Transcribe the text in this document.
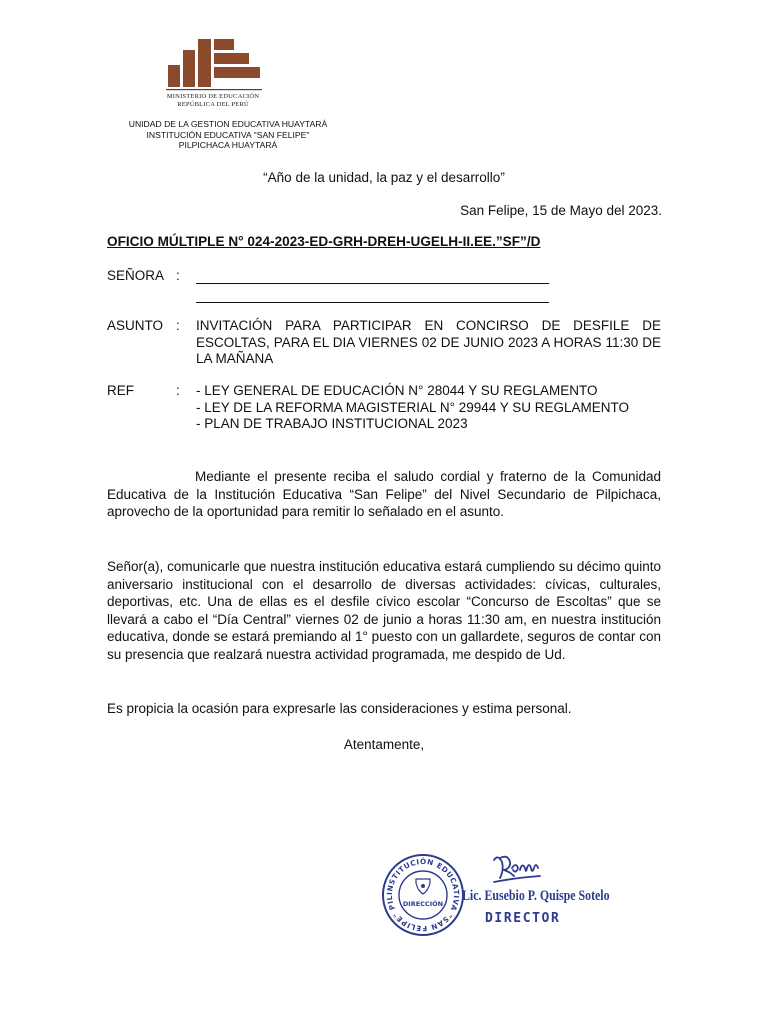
MINISTERIO DE EDUCACIÓN
REPÚBLICA DEL PERÚ
UNIDAD DE LA GESTION EDUCATIVA HUAYTARÁ
INSTITUCIÓN EDUCATIVA "SAN FELIPE"
PILPICHACA HUAYTARÁ
“Año de la unidad, la paz y el desarrollo”
San Felipe, 15 de Mayo del 2023.
OFICIO MÚLTIPLE N° 024-2023-ED-GRH-DREH-UGELH-II.EE.”SF”/D
SEÑORA :
ASUNTO : INVITACIÓN PARA PARTICIPAR EN CONCIRSO DE DESFILE DE ESCOLTAS, PARA EL DIA VIERNES 02 DE JUNIO 2023 A HORAS 11:30 DE LA MAÑANA
REF	: - LEY GENERAL DE EDUCACIÓN N° 28044 Y SU REGLAMENTO
- LEY DE LA REFORMA MAGISTERIAL N° 29944 Y SU REGLAMENTO
- PLAN DE TRABAJO INSTITUCIONAL 2023

Mediante el presente reciba el saludo cordial y fraterno de la Comunidad Educativa de la Institución Educativa “San Felipe” del Nivel Secundario de Pilpichaca, aprovecho de la oportunidad para remitir lo señalado en el asunto.

Señor(a), comunicarle que nuestra institución educativa estará cumpliendo su décimo quinto aniversario institucional con el desarrollo de diversas actividades: cívicas, culturales, deportivas, etc. Una de ellas es el desfile cívico escolar “Concurso de Escoltas” que se llevará a cabo el “Día Central” viernes 02 de junio a horas 11:30 am, en nuestra institución educativa, donde se estará premiando al 1° puesto con un gallardete, seguros de contar con su presencia que realzará nuestra actividad programada, me despido de Ud.

Es propicia la ocasión para expresarle las consideraciones y estima personal.

Atentamente,
INSTITUCIÓN EDUCATIVA "SAN FELIPE" PIL
DIRECCIÓN Lic. Eusebio P. Quispe Sotelo
DIRECTOR
